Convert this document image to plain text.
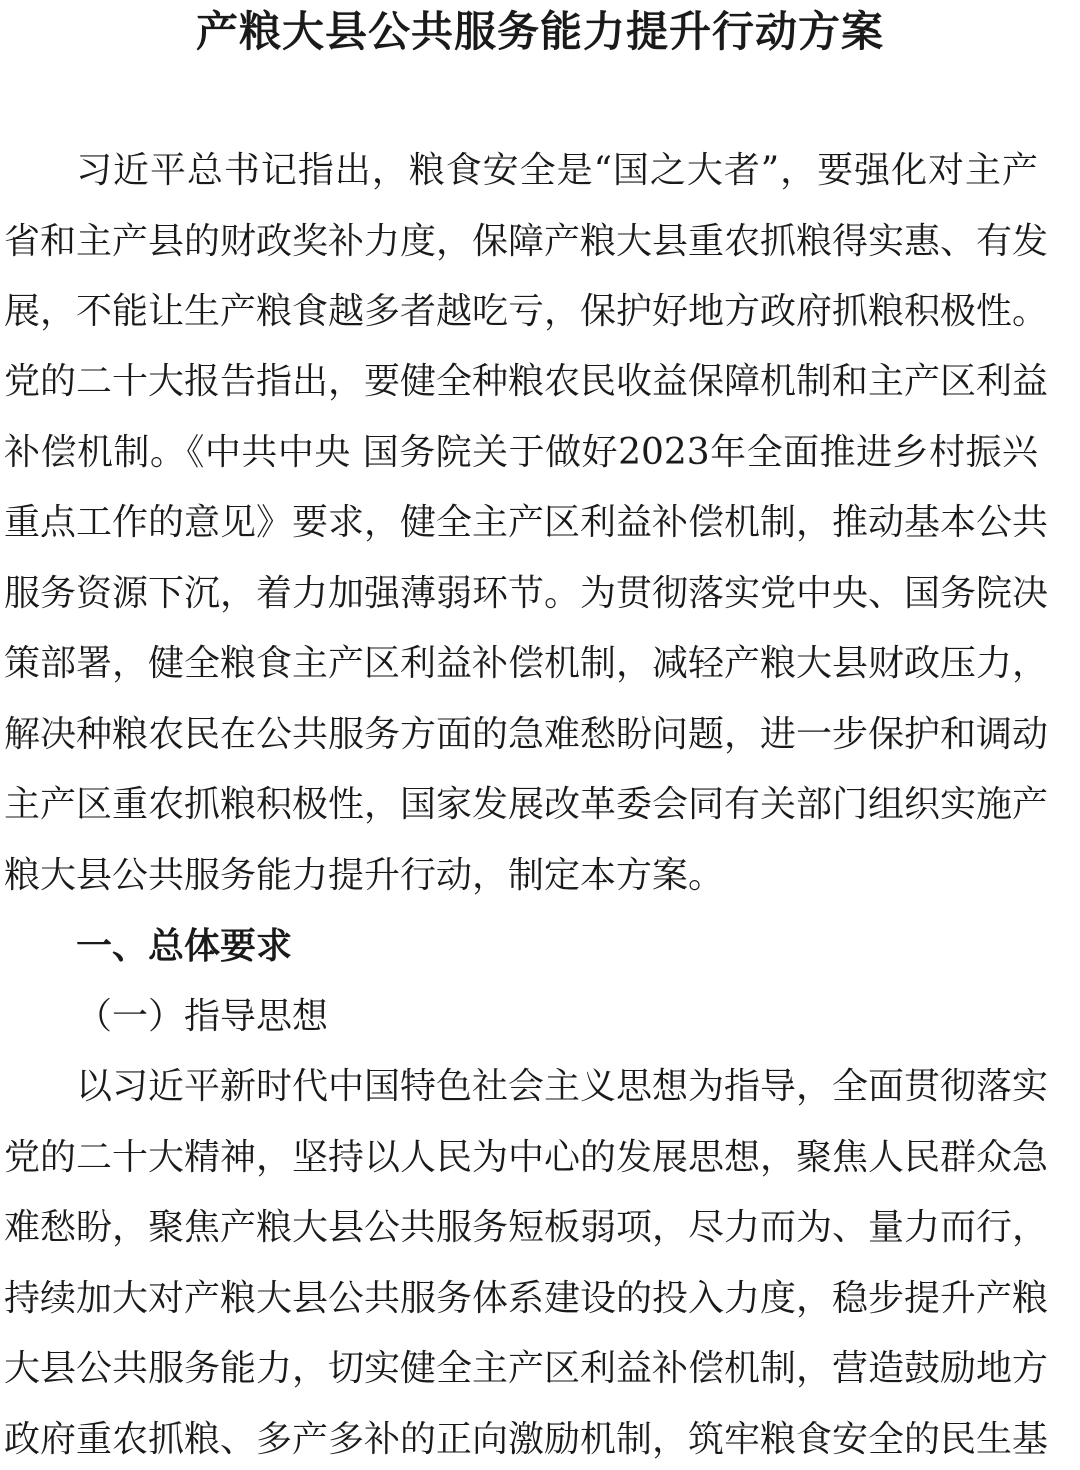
产粮大县公共服务能力提升行动方案
习近平总书记指出，粮食安全是“国之大者”，要强化对主产
省和主产县的财政奖补力度，保障产粮大县重农抓粮得实惠、有发
展，不能让生产粮食越多者越吃亏，保护好地方政府抓粮积极性。
党的二十大报告指出，要健全种粮农民收益保障机制和主产区利益
补偿机制。《中共中央 国务院关于做好2023年全面推进乡村振兴
重点工作的意见》要求，健全主产区利益补偿机制，推动基本公共
服务资源下沉，着力加强薄弱环节。为贯彻落实党中央、国务院决
策部署，健全粮食主产区利益补偿机制，减轻产粮大县财政压力，
解决种粮农民在公共服务方面的急难愁盼问题，进一步保护和调动
主产区重农抓粮积极性，国家发展改革委会同有关部门组织实施产
粮大县公共服务能力提升行动，制定本方案。
一、总体要求
（一）指导思想
以习近平新时代中国特色社会主义思想为指导，全面贯彻落实
党的二十大精神，坚持以人民为中心的发展思想，聚焦人民群众急
难愁盼，聚焦产粮大县公共服务短板弱项，尽力而为、量力而行，
持续加大对产粮大县公共服务体系建设的投入力度，稳步提升产粮
大县公共服务能力，切实健全主产区利益补偿机制，营造鼓励地方
政府重农抓粮、多产多补的正向激励机制，筑牢粮食安全的民生基
